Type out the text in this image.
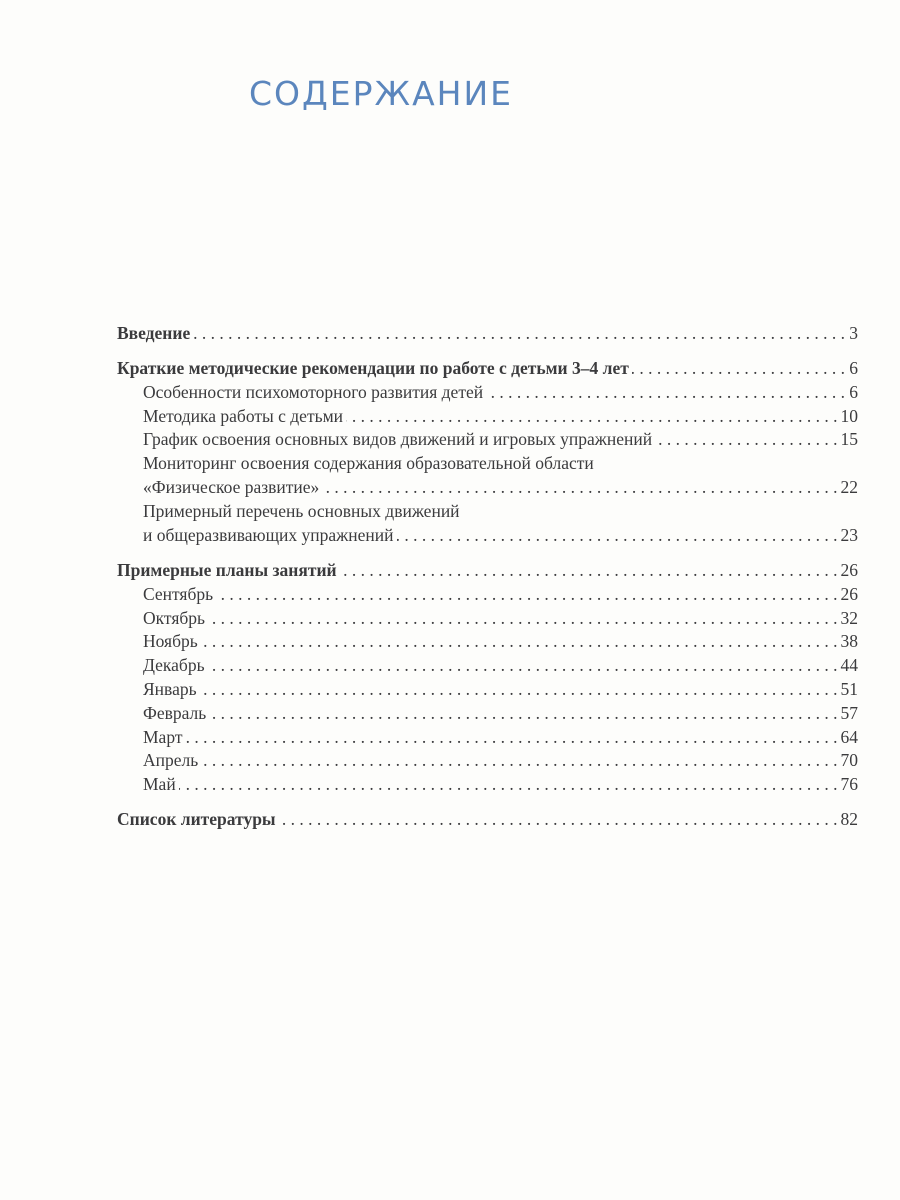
СОДЕРЖАНИЕ
Введение . . .	3
Краткие методические рекомендации по работе с детьми 3–4 лет . . .	6
Особенности психомоторного развития детей . . .	6
Методика работы с детьми . . .	10
График освоения основных видов движений и игровых упражнений . . .	15
Мониторинг освоения содержания образовательной области
«Физическое развитие» . . .	22
Примерный перечень основных движений
и общеразвивающих упражнений . . .	23
Примерные планы занятий . . .	26
Сентябрь . . .	26
Октябрь . . .	32
Ноябрь . . .	38
Декабрь . . .	44
Январь . . .	51
Февраль . . .	57
Март . . .	64
Апрель . . .	70
Май . . .	76
Список литературы . . .	82
